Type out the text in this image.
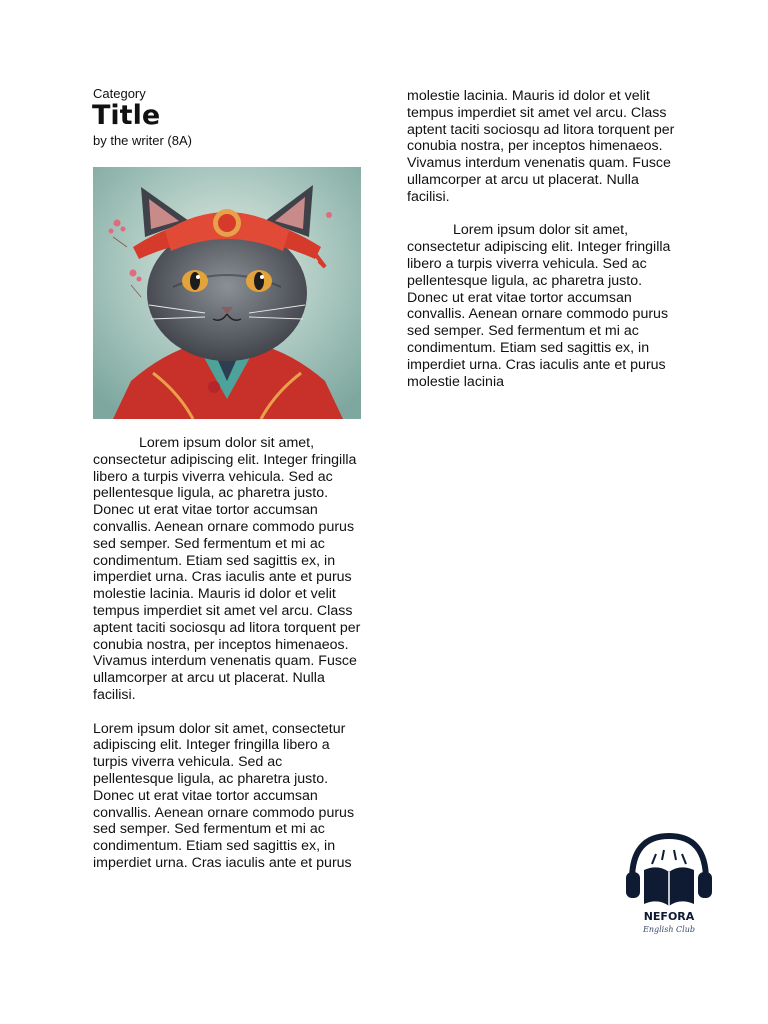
Category
Title
by the writer (8A)

Lorem ipsum dolor sit amet, consectetur adipiscing elit. Integer fringilla libero a turpis viverra vehicula. Sed ac pellentesque ligula, ac pharetra justo. Donec ut erat vitae tortor accumsan convallis. Aenean ornare commodo purus sed semper. Sed fermentum et mi ac condimentum. Etiam sed sagittis ex, in imperdiet urna. Cras iaculis ante et purus molestie lacinia. Mauris id dolor et velit tempus imperdiet sit amet vel arcu. Class aptent taciti sociosqu ad litora torquent per conubia nostra, per inceptos himenaeos. Vivamus interdum venenatis quam. Fusce ullamcorper at arcu ut placerat. Nulla facilisi.

Lorem ipsum dolor sit amet, consectetur adipiscing elit. Integer fringilla libero a turpis viverra vehicula. Sed ac pellentesque ligula, ac pharetra justo. Donec ut erat vitae tortor accumsan convallis. Aenean ornare commodo purus sed semper. Sed fermentum et mi ac condimentum. Etiam sed sagittis ex, in imperdiet urna. Cras iaculis ante et purus

molestie lacinia. Mauris id dolor et velit tempus imperdiet sit amet vel arcu. Class aptent taciti sociosqu ad litora torquent per conubia nostra, per inceptos himenaeos. Vivamus interdum venenatis quam. Fusce ullamcorper at arcu ut placerat. Nulla facilisi.

Lorem ipsum dolor sit amet, consectetur adipiscing elit. Integer fringilla libero a turpis viverra vehicula. Sed ac pellentesque ligula, ac pharetra justo. Donec ut erat vitae tortor accumsan convallis. Aenean ornare commodo purus sed semper. Sed fermentum et mi ac condimentum. Etiam sed sagittis ex, in imperdiet urna. Cras iaculis ante et purus molestie lacinia

NEFORA
English Club
